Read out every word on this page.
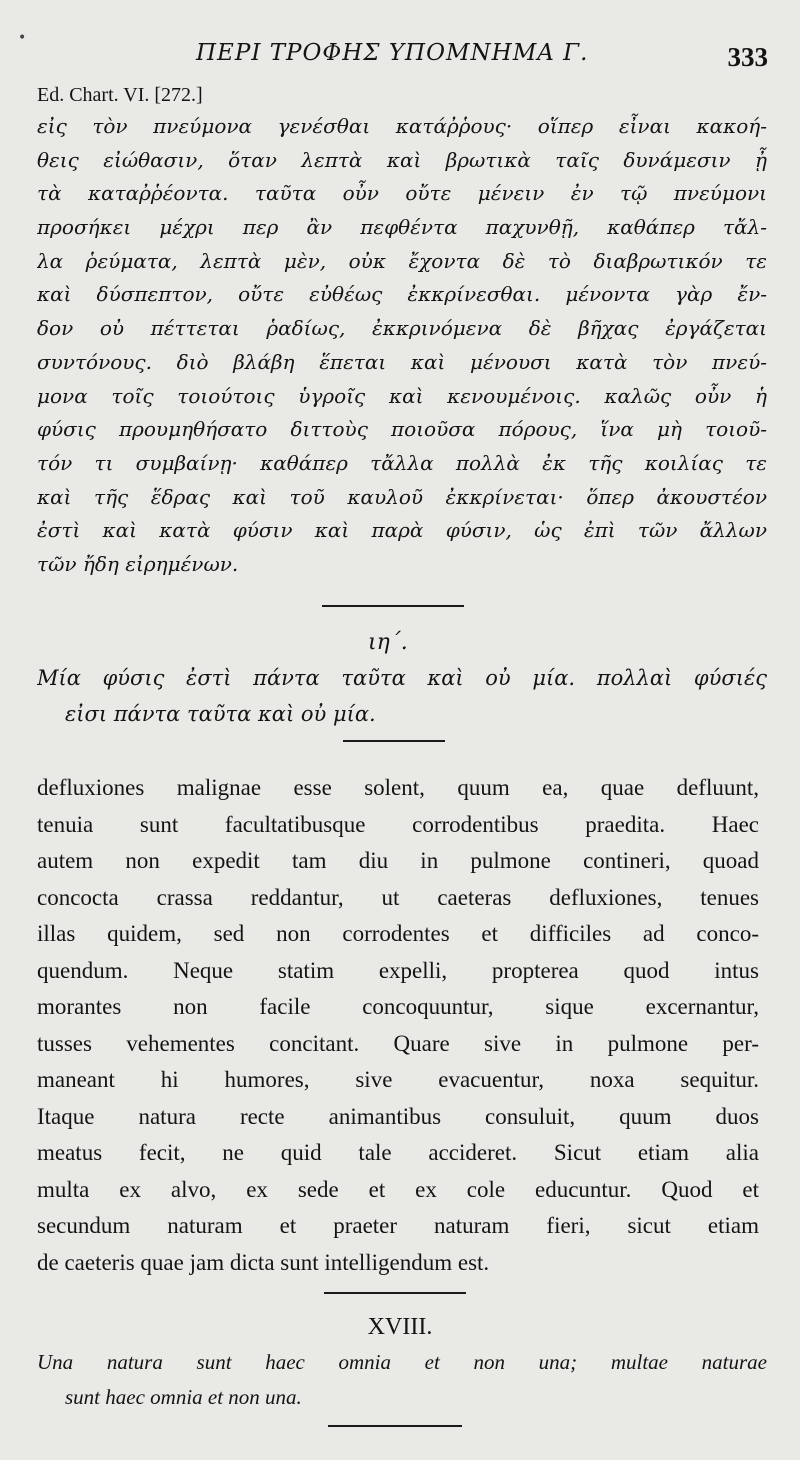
•
ΠΕΡΙ ΤΡΟΦΗΣ ΥΠΟΜΝΗΜΑ Γ.	333
Ed. Chart. VI. [272.]
εἰς τὸν πνεύμονα γενέσθαι κατάῤῥους· οἵπερ εἶναι κακοή-
θεις εἰώθασιν, ὅταν λεπτὰ καὶ βρωτικὰ ταῖς δυνάμεσιν ᾖ
τὰ καταῤῥέοντα. ταῦτα οὖν οὔτε μένειν ἐν τῷ πνεύμονι
προσήκει μέχρι περ ἂν πεφθέντα παχυνθῇ, καθάπερ τἄλ-
λα ῥεύματα, λεπτὰ μὲν, οὐκ ἔχοντα δὲ τὸ διαβρωτικόν τε
καὶ δύσπεπτον, οὔτε εὐθέως ἐκκρίνεσθαι. μένοντα γὰρ ἔν-
δον οὐ πέττεται ῥαδίως, ἐκκρινόμενα δὲ βῆχας ἐργάζεται
συντόνους. διὸ βλάβη ἕπεται καὶ μένουσι κατὰ τὸν πνεύ-
μονα τοῖς τοιούτοις ὑγροῖς καὶ κενουμένοις. καλῶς οὖν ἡ
φύσις προυμηθήσατο διττοὺς ποιοῦσα πόρους, ἵνα μὴ τοιοῦ-
τόν τι συμβαίνῃ· καθάπερ τἄλλα πολλὰ ἐκ τῆς κοιλίας τε
καὶ τῆς ἕδρας καὶ τοῦ καυλοῦ ἐκκρίνεται· ὅπερ ἀκουστέον
ἐστὶ καὶ κατὰ φύσιν καὶ παρὰ φύσιν, ὡς ἐπὶ τῶν ἄλλων
τῶν ἤδη εἰρημένων.
ιη΄.
Μία φύσις ἐστὶ πάντα ταῦτα καὶ οὐ μία. πολλαὶ φύσιές
εἰσι πάντα ταῦτα καὶ οὐ μία.
defluxiones malignae esse solent, quum ea, quae defluunt,
tenuia sunt facultatibusque corrodentibus praedita. Haec
autem non expedit tam diu in pulmone contineri, quoad
concocta crassa reddantur, ut caeteras defluxiones, tenues
illas quidem, sed non corrodentes et difficiles ad conco-
quendum. Neque statim expelli, propterea quod intus
morantes non facile concoquuntur, sique excernantur,
tusses vehementes concitant. Quare sive in pulmone per-
maneant hi humores, sive evacuentur, noxa sequitur.
Itaque natura recte animantibus consuluit, quum duos
meatus fecit, ne quid tale accideret. Sicut etiam alia
multa ex alvo, ex sede et ex cole educuntur. Quod et
secundum naturam et praeter naturam fieri, sicut etiam
de caeteris quae jam dicta sunt intelligendum est.
XVIII.
Una natura sunt haec omnia et non una; multae naturae
sunt haec omnia et non una.
